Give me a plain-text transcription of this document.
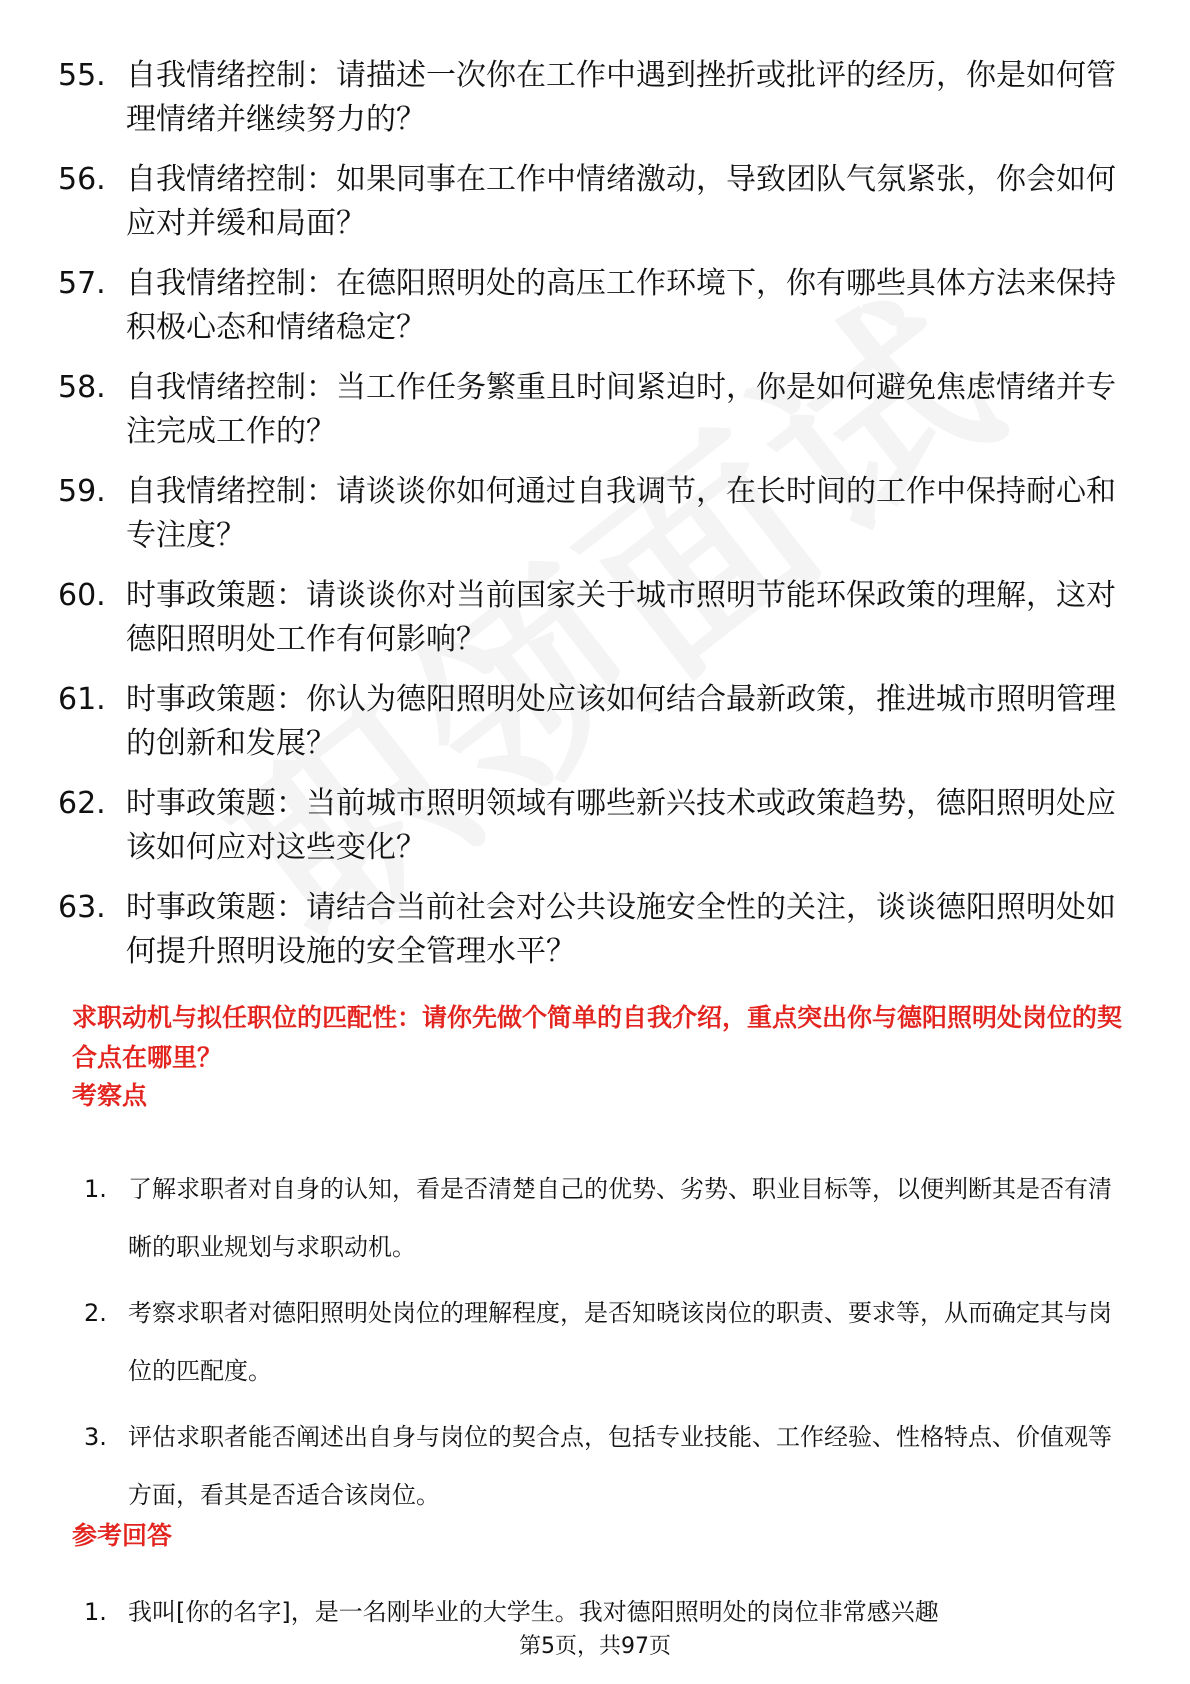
55. 自我情绪控制：请描述一次你在工作中遇到挫折或批评的经历，你是如何管理情绪并继续努力的？
56. 自我情绪控制：如果同事在工作中情绪激动，导致团队气氛紧张，你会如何应对并缓和局面？
57. 自我情绪控制：在德阳照明处的高压工作环境下，你有哪些具体方法来保持积极心态和情绪稳定？
58. 自我情绪控制：当工作任务繁重且时间紧迫时，你是如何避免焦虑情绪并专注完成工作的？
59. 自我情绪控制：请谈谈你如何通过自我调节，在长时间的工作中保持耐心和专注度？
60. 时事政策题：请谈谈你对当前国家关于城市照明节能环保政策的理解，这对德阳照明处工作有何影响？
61. 时事政策题：你认为德阳照明处应该如何结合最新政策，推进城市照明管理的创新和发展？
62. 时事政策题：当前城市照明领域有哪些新兴技术或政策趋势，德阳照明处应该如何应对这些变化？
63. 时事政策题：请结合当前社会对公共设施安全性的关注，谈谈德阳照明处如何提升照明设施的安全管理水平？
求职动机与拟任职位的匹配性：请你先做个简单的自我介绍，重点突出你与德阳照明处岗位的契合点在哪里？
考察点
1. 了解求职者对自身的认知，看是否清楚自己的优势、劣势、职业目标等，以便判断其是否有清晰的职业规划与求职动机。
2. 考察求职者对德阳照明处岗位的理解程度，是否知晓该岗位的职责、要求等，从而确定其与岗位的匹配度。
3. 评估求职者能否阐述出自身与岗位的契合点，包括专业技能、工作经验、性格特点、价值观等方面，看其是否适合该岗位。
参考回答
1. 我叫[你的名字]，是一名刚毕业的大学生。我对德阳照明处的岗位非常感兴趣
第5页，共97页
